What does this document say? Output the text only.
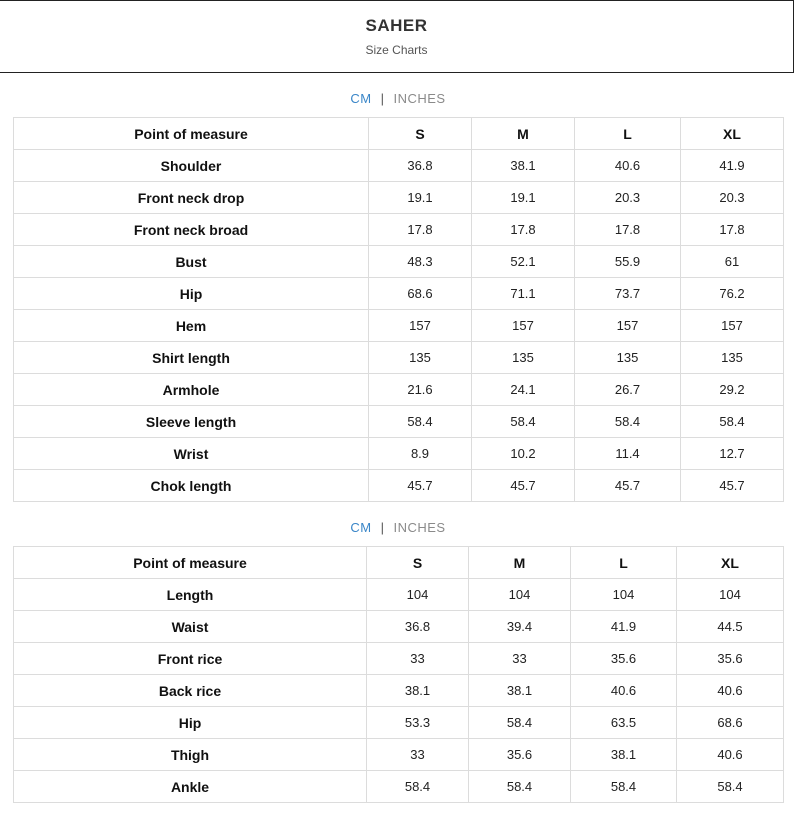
SAHER
Size Charts
CM | INCHES
Point of measure	S	M	L	XL
Shoulder	36.8	38.1	40.6	41.9
Front neck drop	19.1	19.1	20.3	20.3
Front neck broad	17.8	17.8	17.8	17.8
Bust	48.3	52.1	55.9	61
Hip	68.6	71.1	73.7	76.2
Hem	157	157	157	157
Shirt length	135	135	135	135
Armhole	21.6	24.1	26.7	29.2
Sleeve length	58.4	58.4	58.4	58.4
Wrist	8.9	10.2	11.4	12.7
Chok length	45.7	45.7	45.7	45.7
CM | INCHES
Point of measure	S	M	L	XL
Length	104	104	104	104
Waist	36.8	39.4	41.9	44.5
Front rice	33	33	35.6	35.6
Back rice	38.1	38.1	40.6	40.6
Hip	53.3	58.4	63.5	68.6
Thigh	33	35.6	38.1	40.6
Ankle	58.4	58.4	58.4	58.4
